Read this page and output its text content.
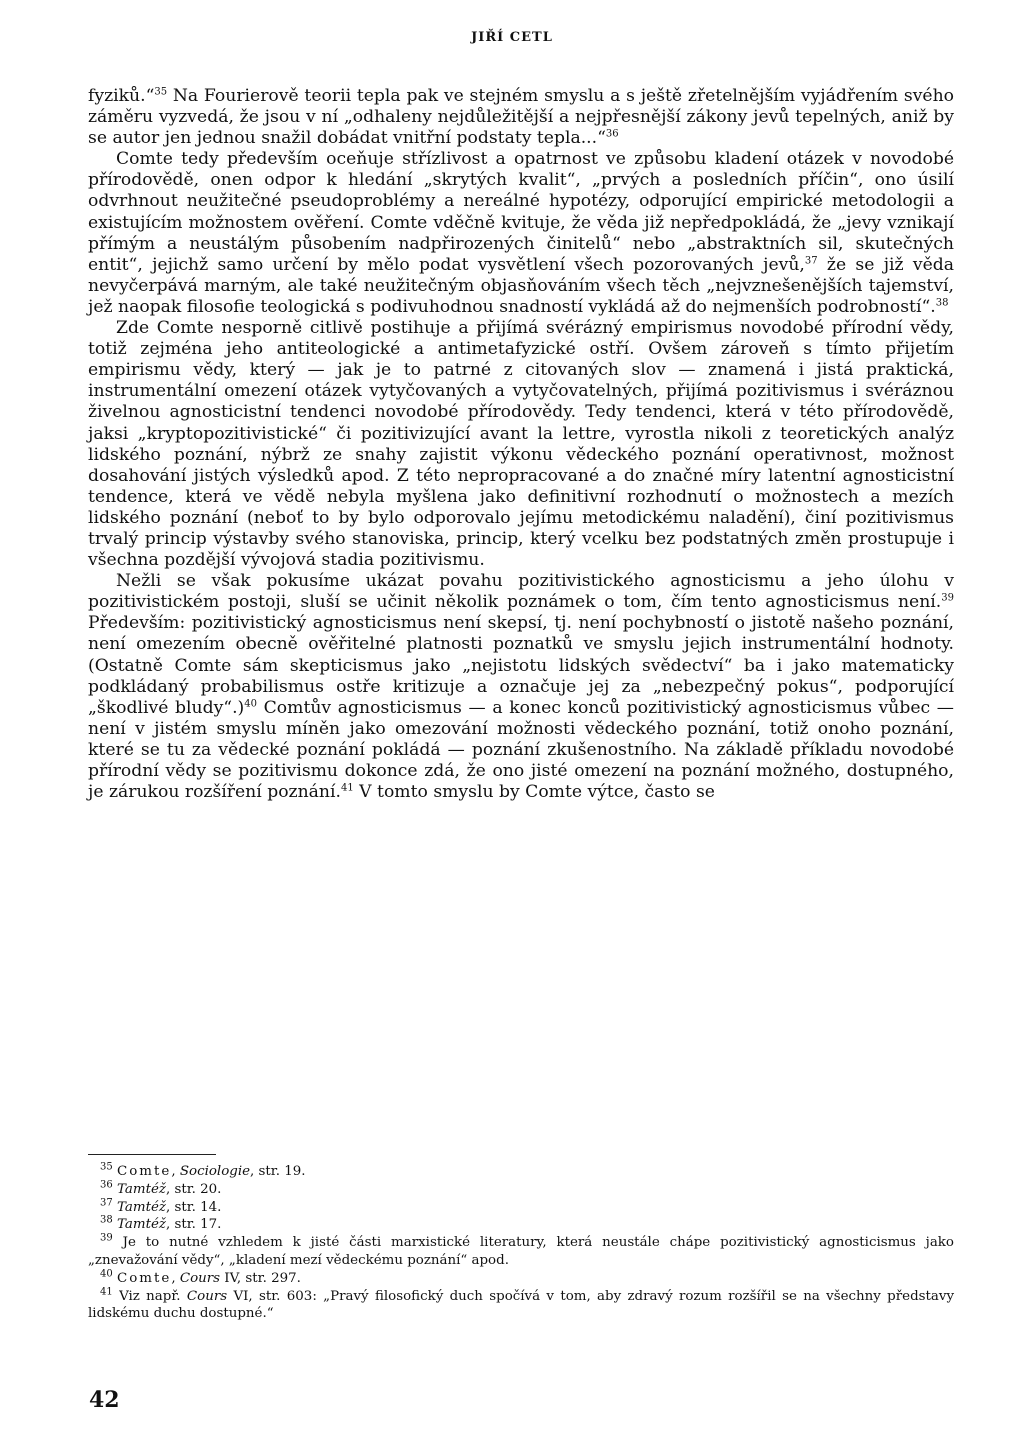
JIŘÍ CETL

fyziků.“$^{35}$ Na Fourierově teorii tepla pak ve stejném smyslu a s ještě zřetelnějším vyjádřením svého záměru vyzvedá, že jsou v ní „odhaleny nejdůležitější a nejpřesnější zákony jevů tepelných, aniž by se autor jen jednou snažil dobádat vnitřní podstaty tepla...“$^{36}$

Comte tedy především oceňuje střízlivost a opatrnost ve způsobu kladení otázek v novodobé přírodovědě, onen odpor k hledání „skrytých kvalit“, „prvých a posledních příčin“, ono úsilí odvrhnout neužitečné pseudoproblémy a nereálné hypotézy, odporující empirické metodologii a existujícím možnostem ověření. Comte vděčně kvituje, že věda již nepředpokládá, že „jevy vznikají přímým a neustálým působením nadpřirozených činitelů“ nebo „abstraktních sil, skutečných entit“, jejichž samo určení by mělo podat vysvětlení všech pozorovaných jevů,$^{37}$ že se již věda nevyčerpává marným, ale také neužitečným objasňováním všech těch „nejvznešenějších tajemství, jež naopak filosofie teologická s podivuhodnou snadností vykládá až do nejmenších podrobností“.$^{38}$

Zde Comte nesporně citlivě postihuje a přijímá svérázný empirismus novodobé přírodní vědy, totiž zejména jeho antiteologické a antimetafyzické ostří. Ovšem zároveň s tímto přijetím empirismu vědy, který — jak je to patrné z citovaných slov — znamená i jistá praktická, instrumentální omezení otázek vytyčovaných a vytyčovatelných, přijímá pozitivismus i svéráznou živelnou agnosticistní tendenci novodobé přírodovědy. Tedy tendenci, která v této přírodovědě, jaksi „kryptopozitivistické“ či pozitivizující avant la lettre, vyrostla nikoli z teoretických analýz lidského poznání, nýbrž ze snahy zajistit výkonu vědeckého poznání operativnost, možnost dosahování jistých výsledků apod. Z této nepropracované a do značné míry latentní agnosticistní tendence, která ve vědě nebyla myšlena jako definitivní rozhodnutí o možnostech a mezích lidského poznání (neboť to by bylo odporovalo jejímu metodickému naladění), činí pozitivismus trvalý princip výstavby svého stanoviska, princip, který vcelku bez podstatných změn prostupuje i všechna pozdější vývojová stadia pozitivismu.

Nežli se však pokusíme ukázat povahu pozitivistického agnosticismu a jeho úlohu v pozitivistickém postoji, sluší se učinit několik poznámek o tom, čím tento agnosticismus není.$^{39}$ Především: pozitivistický agnosticismus není skepsí, tj. není pochybností o jistotě našeho poznání, není omezením obecně ověřitelné platnosti poznatků ve smyslu jejich instrumentální hodnoty. (Ostatně Comte sám skepticismus jako „nejistotu lidských svědectví“ ba i jako matematicky podkládaný probabilismus ostře kritizuje a označuje jej za „nebezpečný pokus“, podporující „škodlivé bludy“.)$^{40}$ Comtův agnosticismus — a konec konců pozitivistický agnosticismus vůbec — není v jistém smyslu míněn jako omezování možnosti vědeckého poznání, totiž onoho poznání, které se tu za vědecké poznání pokládá — poznání zkušenostního. Na základě příkladu novodobé přírodní vědy se pozitivismu dokonce zdá, že ono jisté omezení na poznání možného, dostupného, je zárukou rozšíření poznání.$^{41}$ V tomto smyslu by Comte výtce, často se

$^{35}$ Comte, Sociologie, str. 19.

$^{36}$ Tamtéž, str. 20.

$^{37}$ Tamtéž, str. 14.

$^{38}$ Tamtéž, str. 17.

$^{39}$ Je to nutné vzhledem k jisté části marxistické literatury, která neustále chápe pozitivistický agnosticismus jako „znevažování vědy“, „kladení mezí vědeckému poznání“ apod.

$^{40}$ Comte, Cours IV, str. 297.

$^{41}$ Viz např. Cours VI, str. 603: „Pravý filosofický duch spočívá v tom, aby zdravý rozum rozšířil se na všechny představy lidskému duchu dostupné.“

42
